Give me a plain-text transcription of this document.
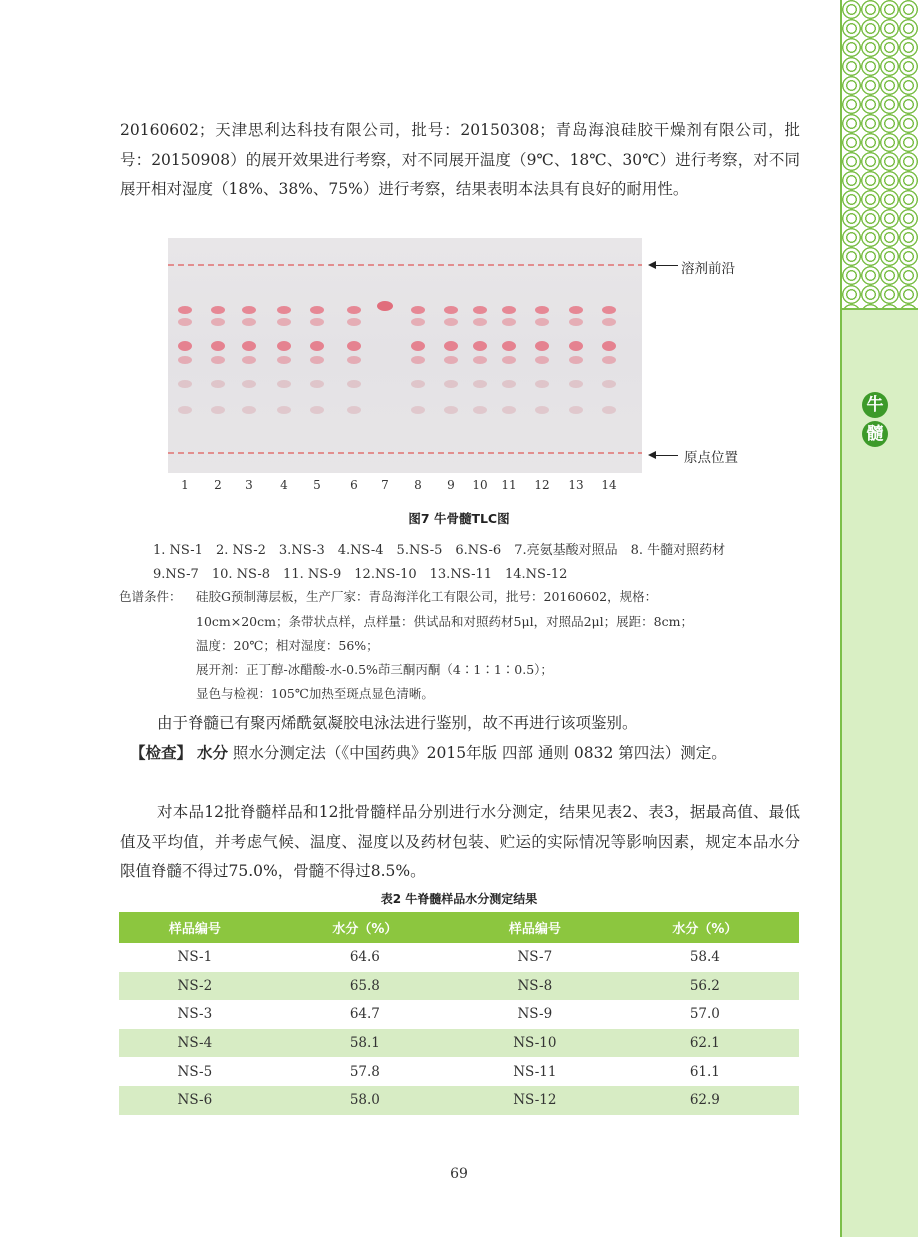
牛
髓

20160602；天津思利达科技有限公司，批号：20150308；青岛海浪硅胶干燥剂有限公司，批号：20150908）的展开效果进行考察，对不同展开温度（9℃、18℃、30℃）进行考察，对不同展开相对湿度（18%、38%、75%）进行考察，结果表明本法具有良好的耐用性。

溶剂前沿
原点位置
1 2 3 4 5 6 7 8 9 10 11 12 13 14
图7 牛骨髓TLC图
1. NS-1　2. NS-2　3.NS-3　4.NS-4　5.NS-5　6.NS-6　7.亮氨基酸对照品　8. 牛髓对照药材
9.NS-7　10. NS-8　11. NS-9　12.NS-10　13.NS-11　14.NS-12
色谱条件： 硅胶G预制薄层板，生产厂家：青岛海洋化工有限公司，批号：20160602，规格：
10cm×20cm；条带状点样，点样量：供试品和对照药材5μl，对照品2μl；展距：8cm；
温度：20℃；相对湿度：56%；
展开剂：正丁醇-冰醋酸-水-0.5%茚三酮丙酮（4∶1∶1∶0.5）；
显色与检视：105℃加热至斑点显色清晰。

由于脊髓已有聚丙烯酰氨凝胶电泳法进行鉴别，故不再进行该项鉴别。

【检查】 水分 照水分测定法（《中国药典》2015年版 四部 通则 0832 第四法）测定。

对本品12批脊髓样品和12批骨髓样品分别进行水分测定，结果见表2、表3，据最高值、最低值及平均值，并考虑气候、温度、湿度以及药材包装、贮运的实际情况等影响因素，规定本品水分限值脊髓不得过75.0%，骨髓不得过8.5%。

表2 牛脊髓样品水分测定结果
样品编号	水分（%）	样品编号	水分（%）
NS-1	64.6	NS-7	58.4
NS-2	65.8	NS-8	56.2
NS-3	64.7	NS-9	57.0
NS-4	58.1	NS-10	62.1
NS-5	57.8	NS-11	61.1
NS-6	58.0	NS-12	62.9
69
